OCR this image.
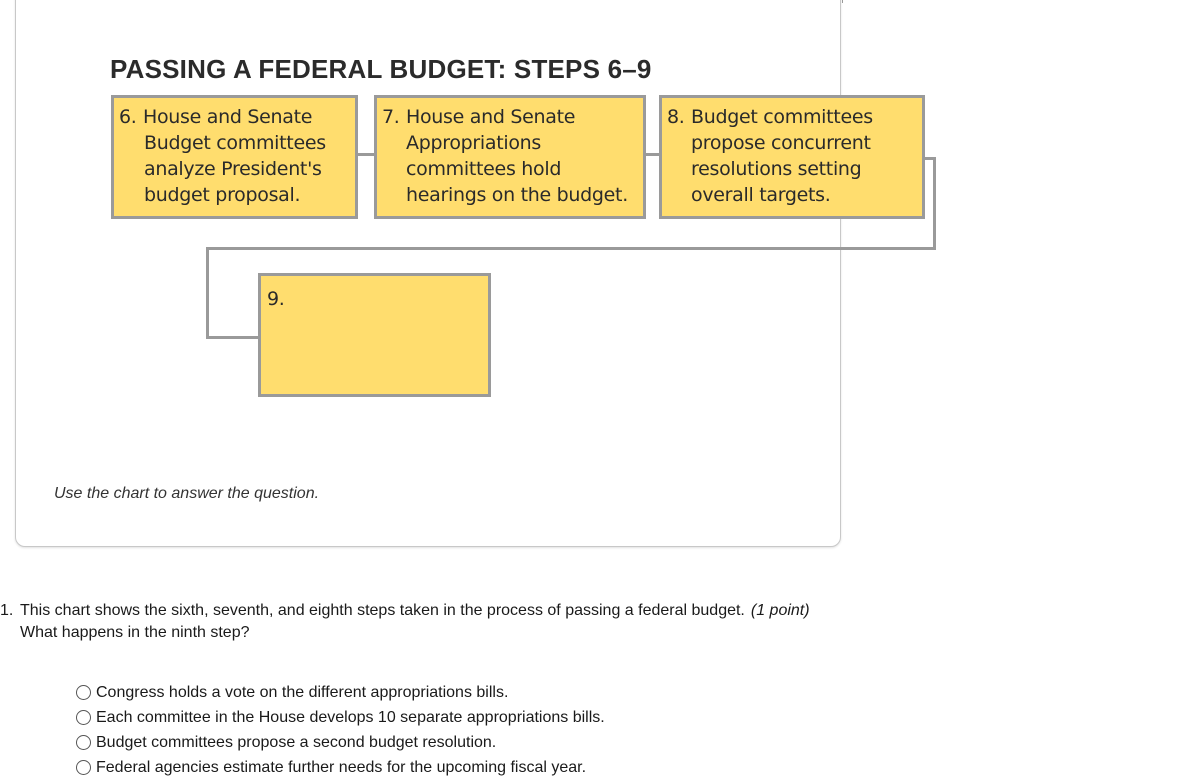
PASSING A FEDERAL BUDGET: STEPS 6–9
6. House and Senate
Budget committees
analyze President's
budget proposal.
7. House and Senate
Appropriations
committees hold
hearings on the budget.
8. Budget committees
propose concurrent
resolutions setting
overall targets.
9.
Use the chart to answer the question.
1. This chart shows the sixth, seventh, and eighth steps taken in the process of passing a federal budget. (1 point)
What happens in the ninth step?
Congress holds a vote on the different appropriations bills.
Each committee in the House develops 10 separate appropriations bills.
Budget committees propose a second budget resolution.
Federal agencies estimate further needs for the upcoming fiscal year.
